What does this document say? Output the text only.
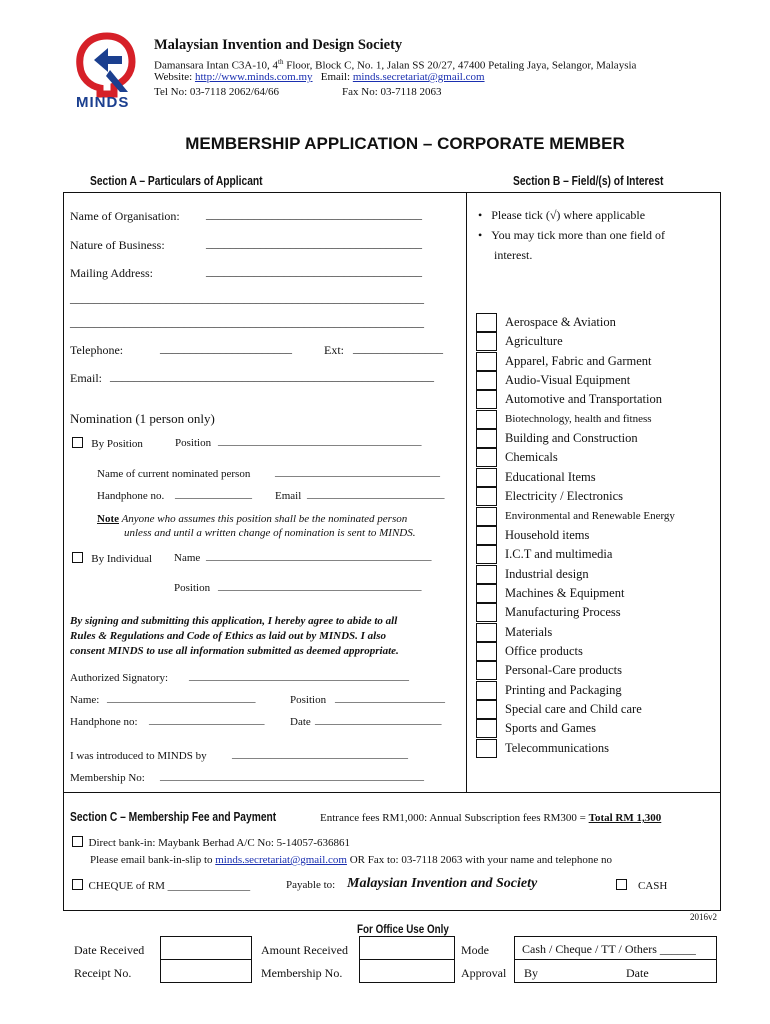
MINDS
Malaysian Invention and Design Society
Damansara Intan C3A-10, 4th Floor, Block C, No. 1, Jalan SS 20/27, 47400 Petaling Jaya, Selangor, Malaysia
Website: http://www.minds.com.my Email: minds.secretariat@gmail.com
Tel No: 03-7118 2062/64/66	Fax No: 03-7118 2063
MEMBERSHIP APPLICATION – CORPORATE MEMBER
Section A – Particulars of Applicant	Section B – Field/(s) of Interest
Name of Organisation: ____________________________________
Nature of Business:	____________________________________
Mailing Address:	____________________________________
___________________________________________________________
___________________________________________________________
Telephone:	______________________	Ext: _______________
Email: ______________________________________________________
Nomination (1 person only)
By Position	Position _____________________________________
Name of current nominated person ______________________________
Handphone no. ______________ Email _________________________
Note Anyone who assumes this position shall be the nominated person
unless and until a written change of nomination is sent to MINDS.
By Individual Name _________________________________________
Position _____________________________________
By signing and submitting this application, I hereby agree to abide to all
Rules & Regulations and Code of Ethics as laid out by MINDS. I also
consent MINDS to use all information submitted as deemed appropriate.
Authorized Signatory: ________________________________________
Name: ___________________________	Position ____________________
Handphone no: _____________________ Date _______________________
I was introduced to MINDS by ________________________________
Membership No: ________________________________________________
•   Please tick (√) where applicable
•   You may tick more than one field of
interest.
Aerospace & Aviation
Agriculture
Apparel, Fabric and Garment
Audio-Visual Equipment
Automotive and Transportation
Biotechnology, health and fitness
Building and Construction
Chemicals
Educational Items
Electricity / Electronics
Environmental and Renewable Energy
Household items
I.C.T and multimedia
Industrial design
Machines & Equipment
Manufacturing Process
Materials
Office products
Personal-Care products
Printing and Packaging
Special care and Child care
Sports and Games
Telecommunications
Section C – Membership Fee and Payment	Entrance fees RM1,000: Annual Subscription fees RM300 = Total RM 1,300
Direct bank-in: Maybank Berhad A/C No: 5-14057-636861
Please email bank-in-slip to minds.secretariat@gmail.com OR Fax to: 03-7118 2063 with your name and telephone no
CHEQUE of RM _______________	Payable to: Malaysian Invention and Society	CASH
2016v2
For Office Use Only
Date Received	Amount Received	Mode	Cash / Cheque / TT / Others ______
Receipt No.	Membership No.	Approval By	Date
